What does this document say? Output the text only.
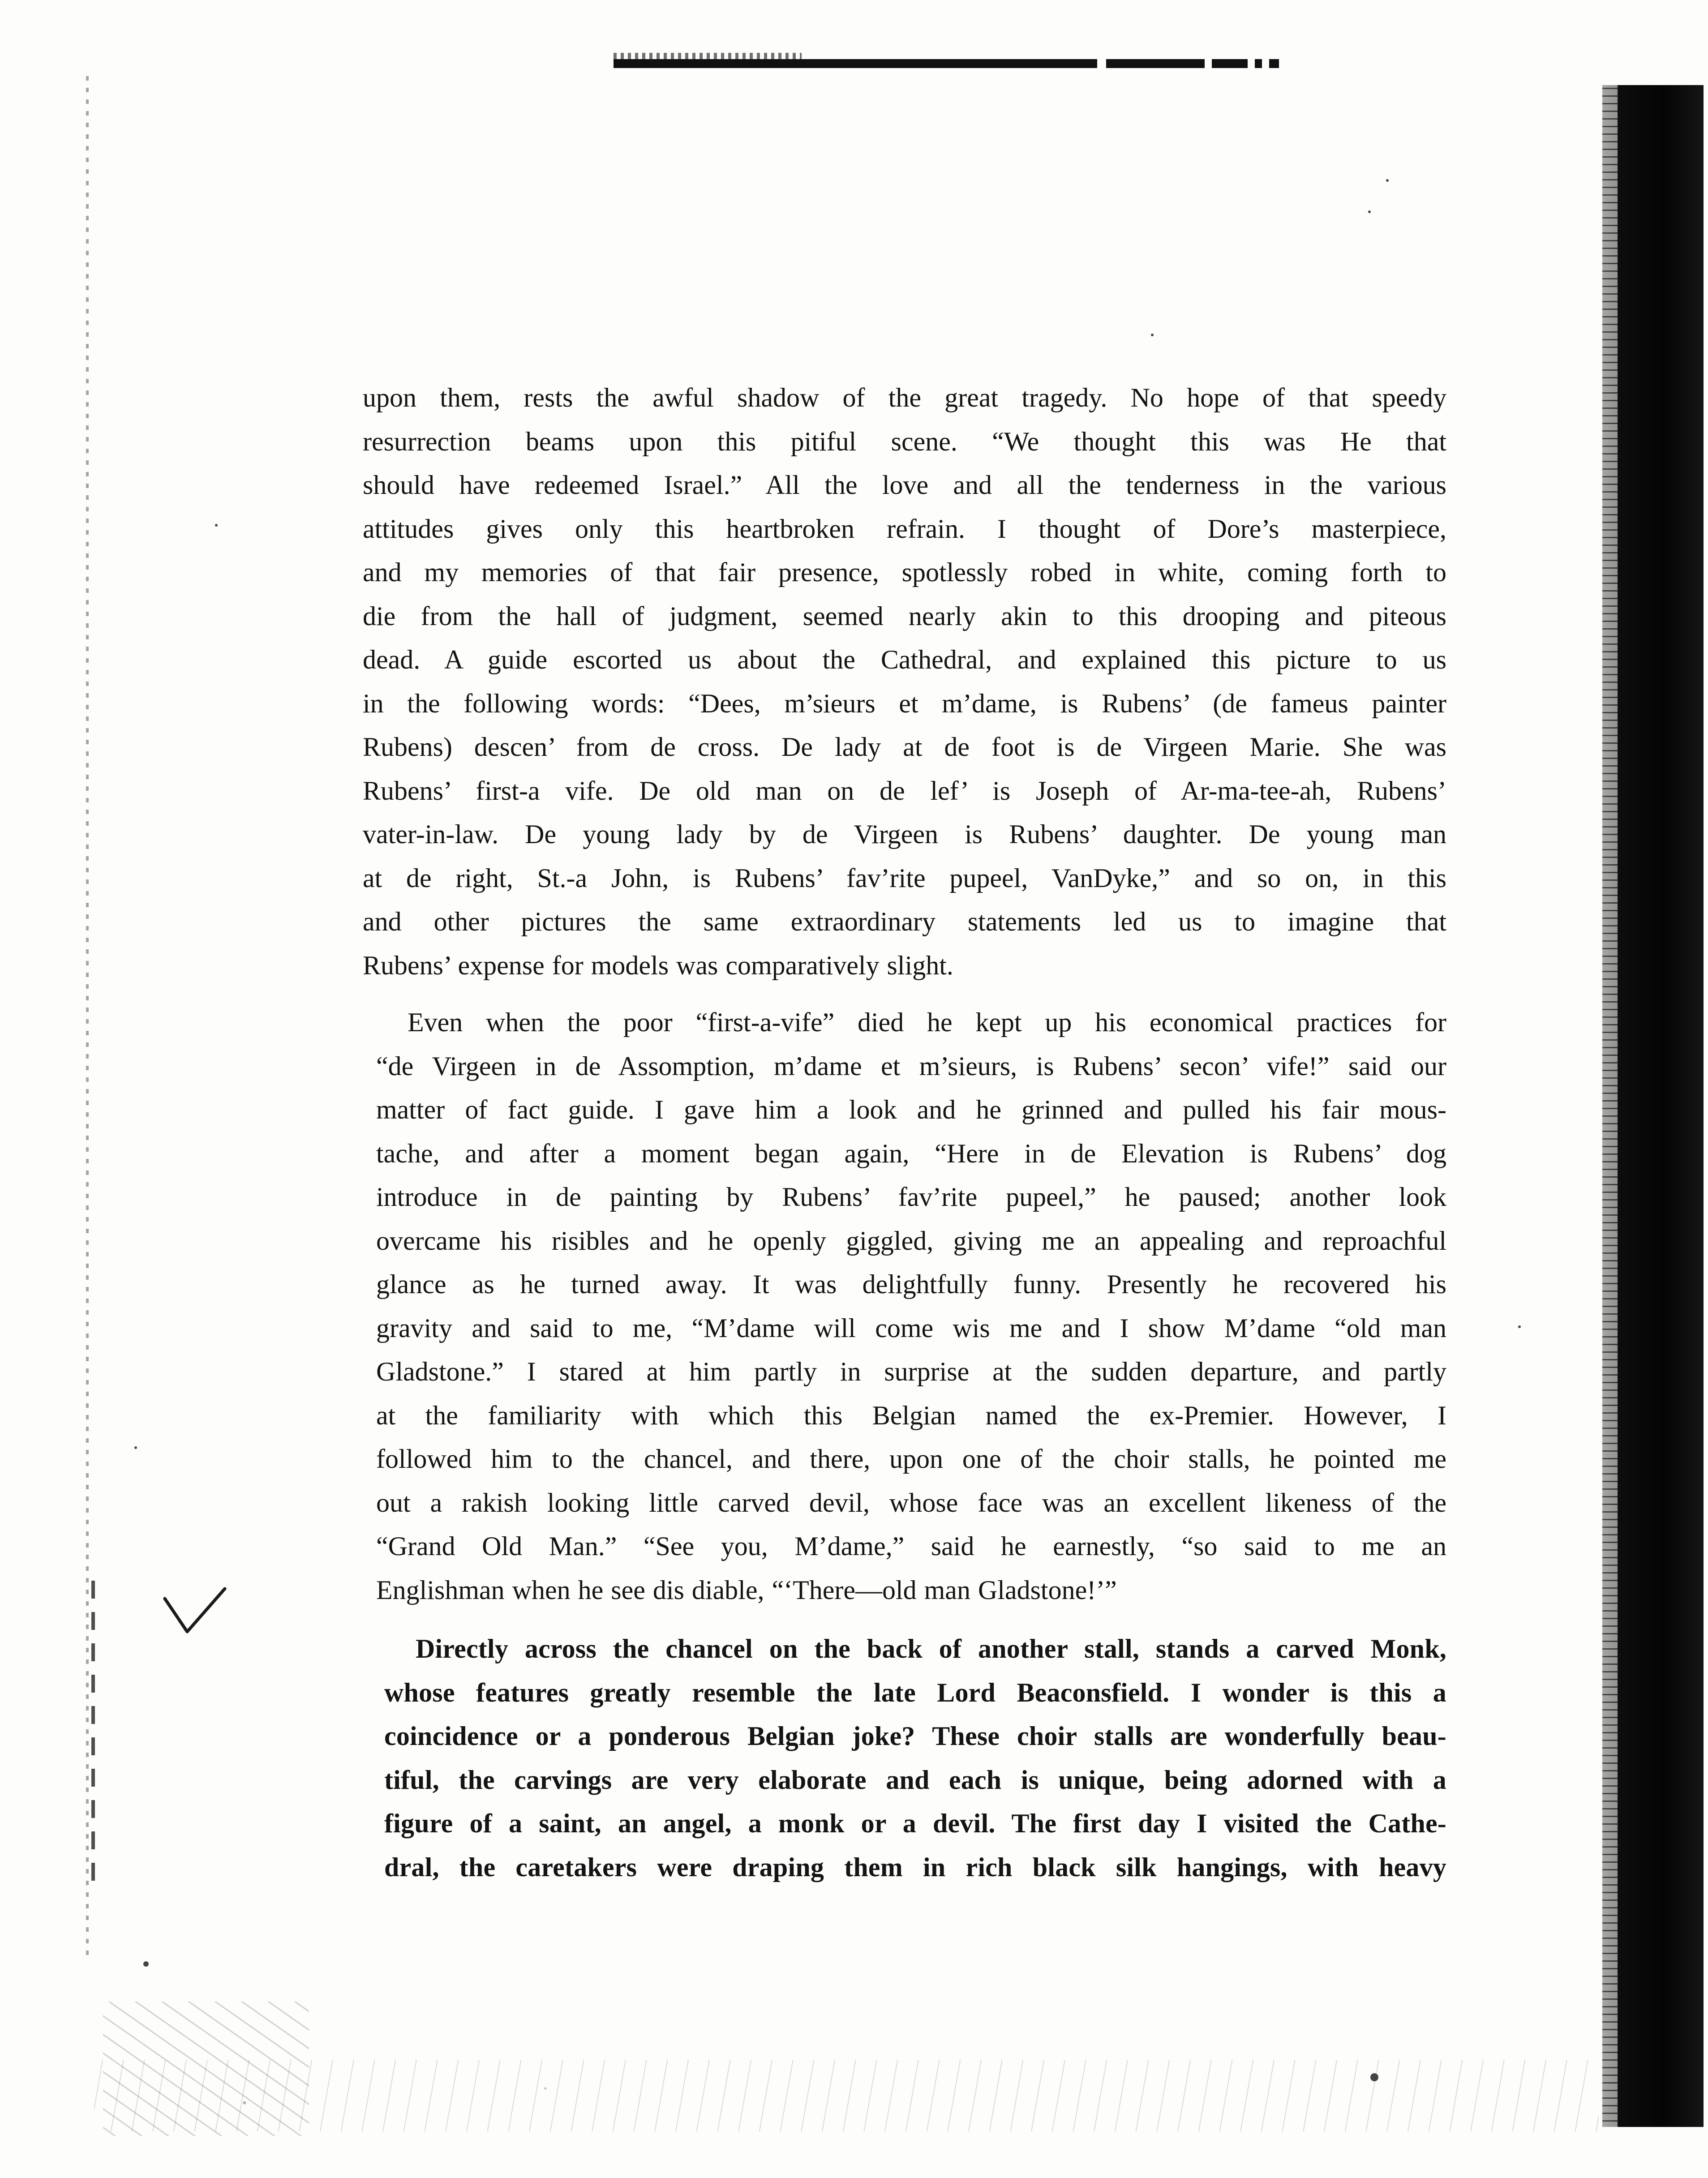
upon them, rests the awful shadow of the great tragedy. No hope of that speedy
resurrection beams upon this pitiful scene. “We thought this was He that
should have redeemed Israel.” All the love and all the tenderness in the various
attitudes gives only this heartbroken refrain. I thought of Dore’s masterpiece,
and my memories of that fair presence, spotlessly robed in white, coming forth to
die from the hall of judgment, seemed nearly akin to this drooping and piteous
dead. A guide escorted us about the Cathedral, and explained this picture to us
in the following words: “Dees, m’sieurs et m’dame, is Rubens’ (de fameus painter
Rubens) descen’ from de cross. De lady at de foot is de Virgeen Marie. She was
Rubens’ first-a vife. De old man on de lef’ is Joseph of Ar-ma-tee-ah, Rubens’
vater-in-law. De young lady by de Virgeen is Rubens’ daughter. De young man
at de right, St.-a John, is Rubens’ fav’rite pupeel, VanDyke,” and so on, in this
and other pictures the same extraordinary statements led us to imagine that
Rubens’ expense for models was comparatively slight.

Even when the poor “first-a-vife” died he kept up his economical practices for
“de Virgeen in de Assomption, m’dame et m’sieurs, is Rubens’ secon’ vife!” said our
matter of fact guide. I gave him a look and he grinned and pulled his fair mous-
tache, and after a moment began again, “Here in de Elevation is Rubens’ dog
introduce in de painting by Rubens’ fav’rite pupeel,” he paused; another look
overcame his risibles and he openly giggled, giving me an appealing and reproachful
glance as he turned away. It was delightfully funny. Presently he recovered his
gravity and said to me, “M’dame will come wis me and I show M’dame “old man
Gladstone.” I stared at him partly in surprise at the sudden departure, and partly
at the familiarity with which this Belgian named the ex-Premier. However, I
followed him to the chancel, and there, upon one of the choir stalls, he pointed me
out a rakish looking little carved devil, whose face was an excellent likeness of the
“Grand Old Man.” “See you, M’dame,” said he earnestly, “so said to me an
Englishman when he see dis diable, “‘There—old man Gladstone!’”

Directly across the chancel on the back of another stall, stands a carved Monk,
whose features greatly resemble the late Lord Beaconsfield. I wonder is this a
coincidence or a ponderous Belgian joke? These choir stalls are wonderfully beau-
tiful, the carvings are very elaborate and each is unique, being adorned with a
figure of a saint, an angel, a monk or a devil. The first day I visited the Cathe-
dral, the caretakers were draping them in rich black silk hangings, with heavy
